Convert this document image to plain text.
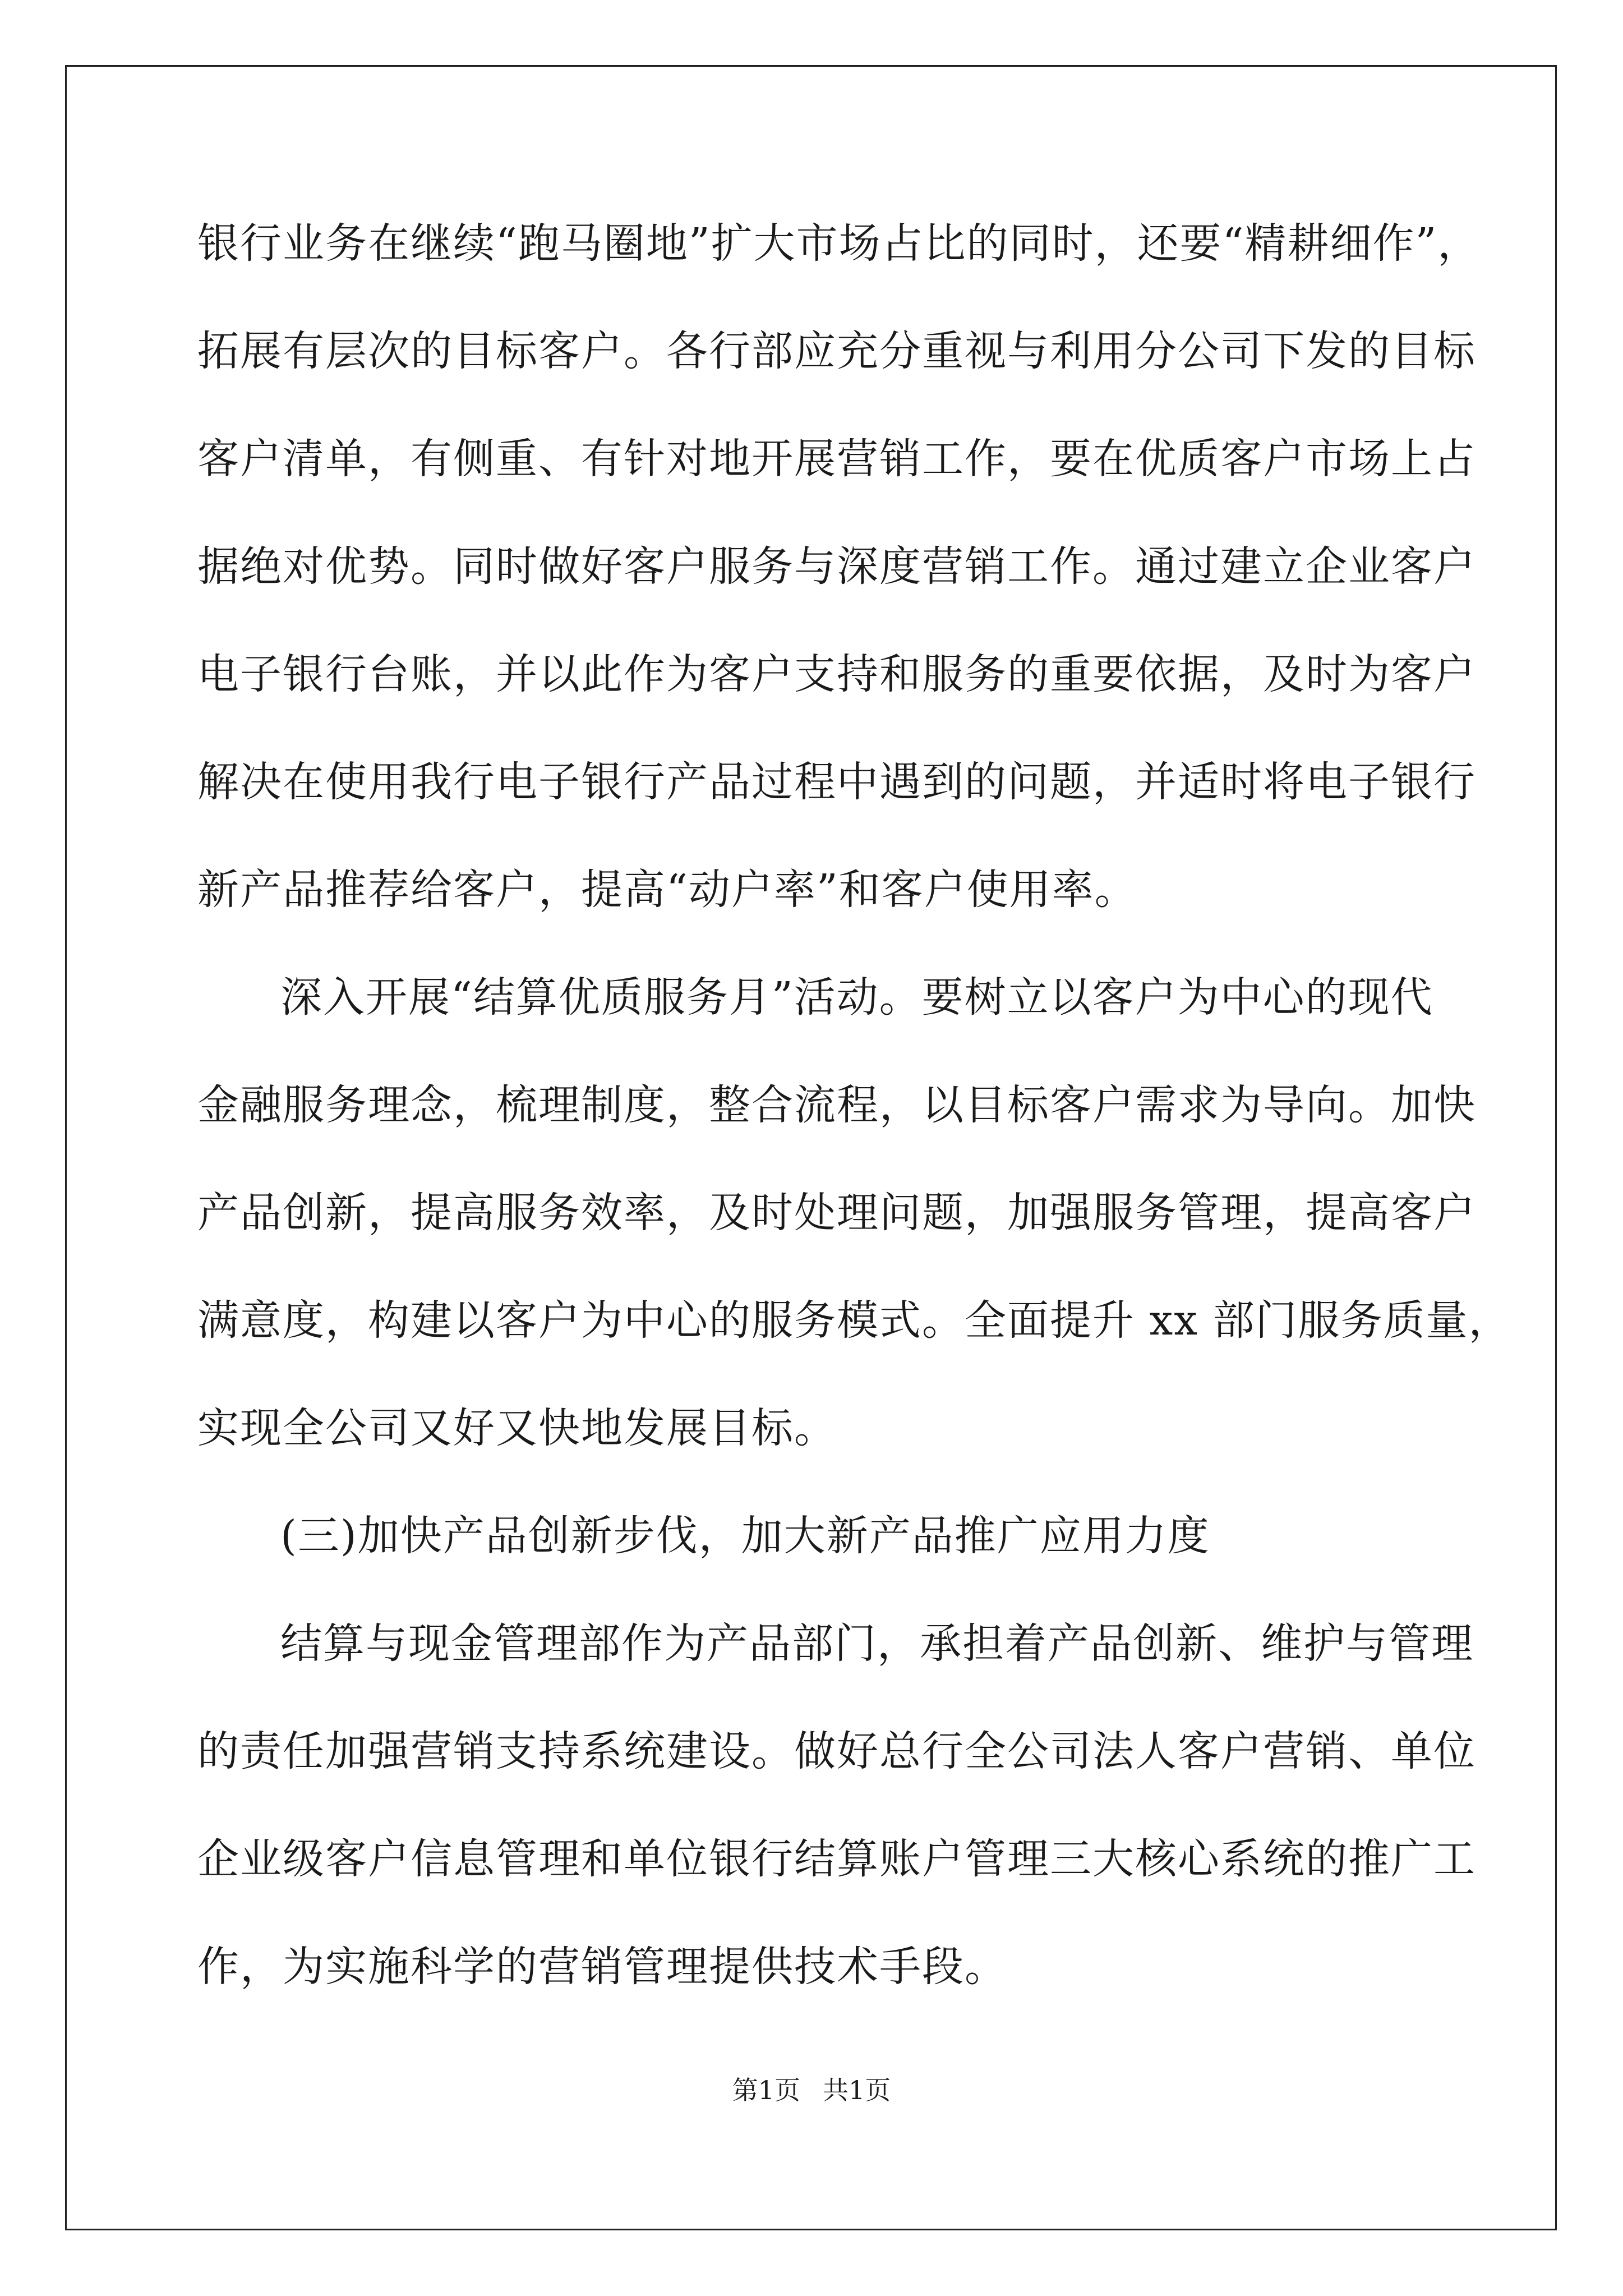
银行业务在继续“跑马圈地”扩大市场占比的同时，还要“精耕细作”，
拓展有层次的目标客户。各行部应充分重视与利用分公司下发的目标
客户清单，有侧重、有针对地开展营销工作，要在优质客户市场上占
据绝对优势。同时做好客户服务与深度营销工作。通过建立企业客户
电子银行台账，并以此作为客户支持和服务的重要依据，及时为客户
解决在使用我行电子银行产品过程中遇到的问题，并适时将电子银行
新产品推荐给客户，提高“动户率”和客户使用率。
深入开展“结算优质服务月”活动。要树立以客户为中心的现代
金融服务理念，梳理制度，整合流程，以目标客户需求为导向。加快
产品创新，提高服务效率，及时处理问题，加强服务管理，提高客户
满意度，构建以客户为中心的服务模式。全面提升 xx 部门服务质量，
实现全公司又好又快地发展目标。
(三)加快产品创新步伐，加大新产品推广应用力度
结算与现金管理部作为产品部门，承担着产品创新、维护与管理
的责任加强营销支持系统建设。做好总行全公司法人客户营销、单位
企业级客户信息管理和单位银行结算账户管理三大核心系统的推广工
作，为实施科学的营销管理提供技术手段。
第1页 共1页
